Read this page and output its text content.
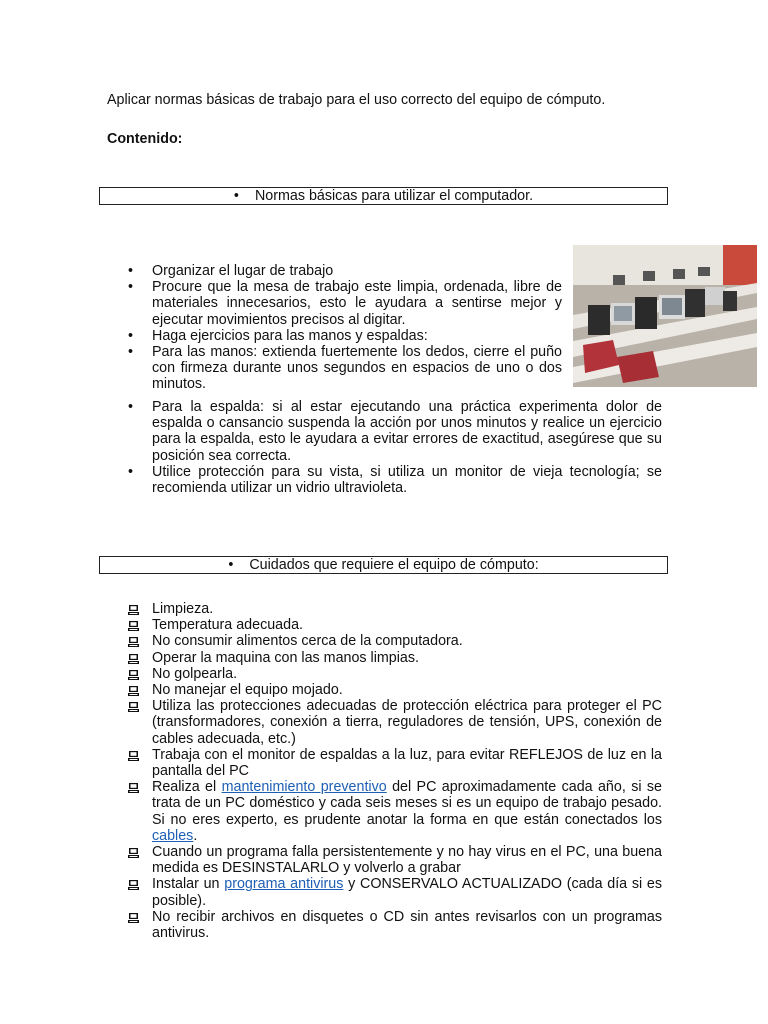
Aplicar normas básicas de trabajo para el uso correcto del equipo de cómputo.
Contenido:
• Normas básicas para utilizar el computador.
• Organizar el lugar de trabajo
• Procure que la mesa de trabajo este limpia, ordenada, libre de materiales innecesarios, esto le ayudara a sentirse mejor y ejecutar movimientos precisos al digitar.
• Haga ejercicios para las manos y espaldas:
• Para las manos: extienda fuertemente los dedos, cierre el puño con firmeza durante unos segundos en espacios de uno o dos minutos.
• Para la espalda: si al estar ejecutando una práctica experimenta dolor de espalda o cansancio suspenda la acción por unos minutos y realice un ejercicio para la espalda, esto le ayudara a evitar errores de exactitud, asegúrese que su posición sea correcta.
• Utilice protección para su vista, si utiliza un monitor de vieja tecnología; se recomienda utilizar un vidrio ultravioleta.
• Cuidados que requiere el equipo de cómputo:
Limpieza.
Temperatura adecuada.
No consumir alimentos cerca de la computadora.
Operar la maquina con las manos limpias.
No golpearla.
No manejar el equipo mojado.
Utiliza las protecciones adecuadas de protección eléctrica para proteger el PC (transformadores, conexión a tierra, reguladores de tensión, UPS, conexión de cables adecuada, etc.)
Trabaja con el monitor de espaldas a la luz, para evitar REFLEJOS de luz en la pantalla del PC
Realiza el mantenimiento preventivo del PC aproximadamente cada año, si se trata de un PC doméstico y cada seis meses si es un equipo de trabajo pesado. Si no eres experto, es prudente anotar la forma en que están conectados los cables.
Cuando un programa falla persistentemente y no hay virus en el PC, una buena medida es DESINSTALARLO y volverlo a grabar
Instalar un programa antivirus y CONSERVALO ACTUALIZADO (cada día si es posible).
No recibir archivos en disquetes o CD sin antes revisarlos con un programas antivirus.
